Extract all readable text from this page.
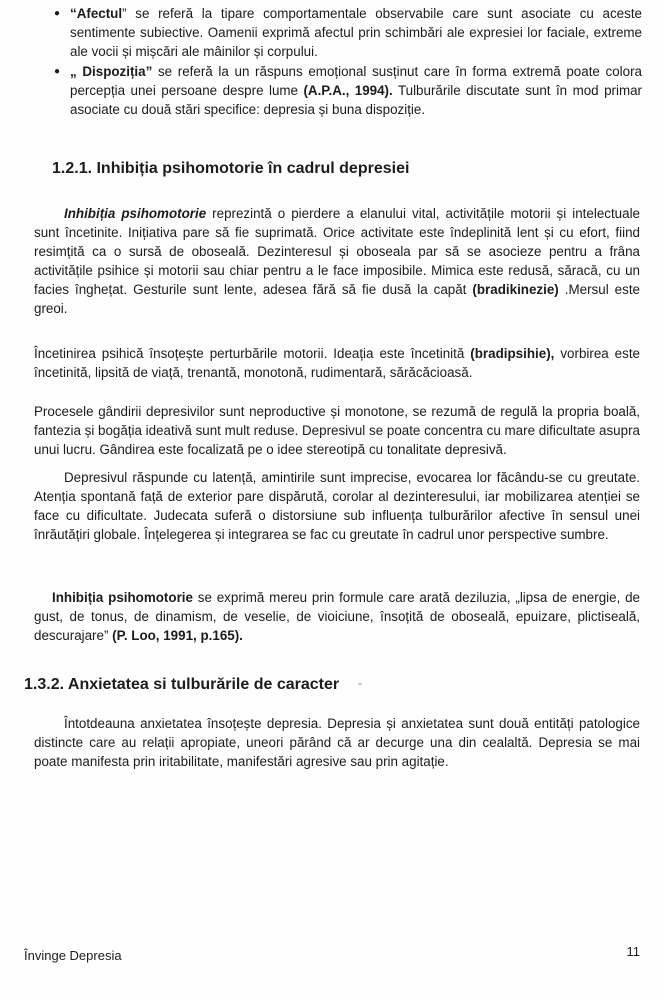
● “Afectul” se referă la tipare comportamentale observabile care sunt asociate cu aceste sentimente subiective. Oamenii exprimă afectul prin schimbări ale expresiei lor faciale, extreme ale vocii și mișcări ale mâinilor și corpului.
● „ Dispoziția” se referă la un răspuns emoțional susținut care în forma extremă poate colora percepția unei persoane despre lume (A.P.A., 1994). Tulburările discutate sunt în mod primar asociate cu două stări specifice: depresia și buna dispoziție.
1.2.1. Inhibiția psihomotorie în cadrul depresiei

Inhibiția psihomotorie reprezintă o pierdere a elanului vital, activitățile motorii și intelectuale sunt încetinite. Inițiativa pare să fie suprimată. Orice activitate este îndeplinită lent și cu efort, fiind resimțită ca o sursă de oboseală. Dezinteresul și oboseala par să se asocieze pentru a frâna activitățile psihice și motorii sau chiar pentru a le face imposibile. Mimica este redusă, săracă, cu un facies înghețat. Gesturile sunt lente, adesea fără să fie dusă la capăt (bradikinezie) .Mersul este greoi.

Încetinirea psihică însoțește perturbările motorii. Ideația este încetinită (bradipsihie), vorbirea este încetinită, lipsită de viață, trenantă, monotonă, rudimentară, sărăcăcioasă.

Procesele gândirii depresivilor sunt neproductive și monotone, se rezumă de regulă la propria boală, fantezia și bogăția ideativă sunt mult reduse. Depresivul se poate concentra cu mare dificultate asupra unui lucru. Gândirea este focalizată pe o idee stereotipă cu tonalitate depresivă.

Depresivul răspunde cu latență, amintirile sunt imprecise, evocarea lor făcându-se cu greutate. Atenția spontană față de exterior pare dispărută, corolar al dezinteresului, iar mobilizarea atenției se face cu dificultate. Judecata suferă o distorsiune sub influența tulburărilor afective în sensul unei înrăutățiri globale. Înțelegerea și integrarea se fac cu greutate în cadrul unor perspective sumbre.

Inhibiția psihomotorie se exprimă mereu prin formule care arată deziluzia, „lipsa de energie, de gust, de tonus, de dinamism, de veselie, de vioiciune, însoțită de oboseală, epuizare, plictiseală, descurajare” (P. Loo, 1991, p.165).

1.3.2. Anxietatea si tulburările de caracter -

Întotdeauna anxietatea însoțește depresia. Depresia și anxietatea sunt două entități patologice distincte care au relații apropiate, uneori părând că ar decurge una din cealaltă. Depresia se mai poate manifesta prin iritabilitate, manifestări agresive sau prin agitație.

Învingе Depresia	11
